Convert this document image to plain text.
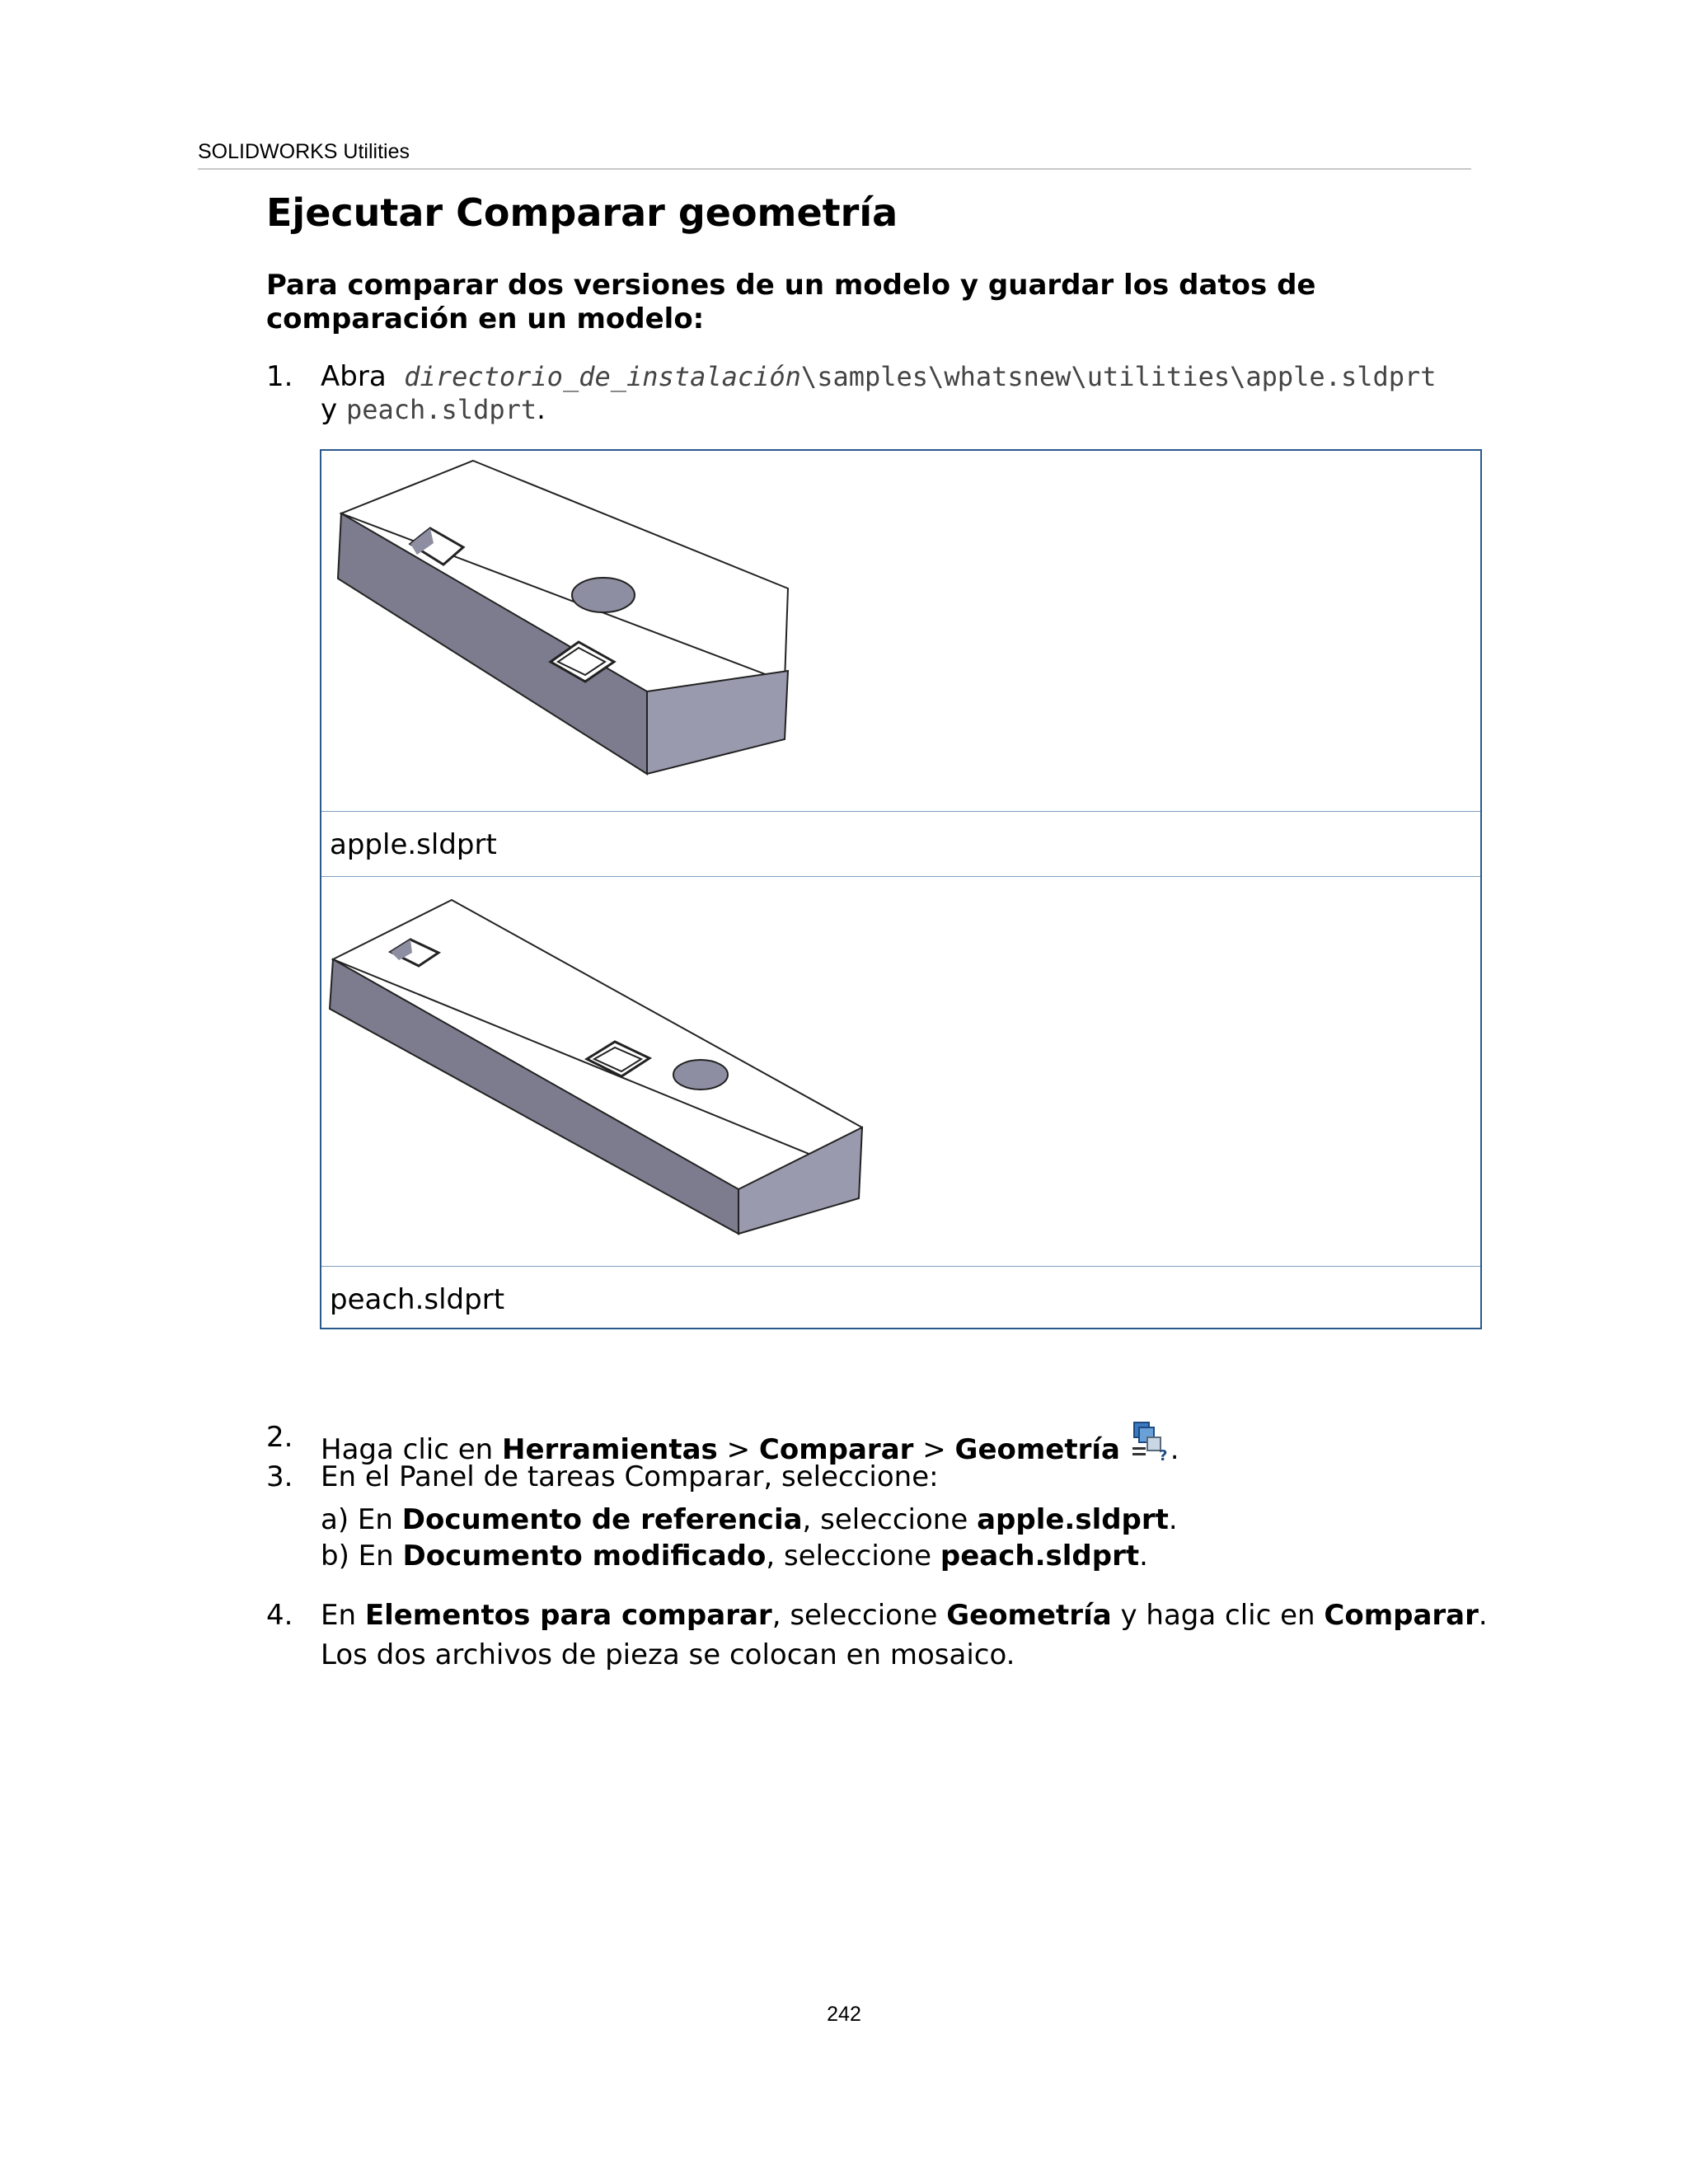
SOLIDWORKS Utilities
Ejecutar Comparar geometría
Para comparar dos versiones de un modelo y guardar los datos de comparación en un modelo:
1. Abra directorio_de_instalación\samples\whatsnew\utilities\apple.sldprt
y peach.sldprt.
apple.sldprt
peach.sldprt
2. Haga clic en Herramientas > Comparar > Geometría	? .
3. En el Panel de tareas Comparar, seleccione:
a) En Documento de referencia, seleccione apple.sldprt.
b) En Documento modificado, seleccione peach.sldprt.
4. En Elementos para comparar, seleccione Geometría y haga clic en Comparar.
Los dos archivos de pieza se colocan en mosaico.
242
